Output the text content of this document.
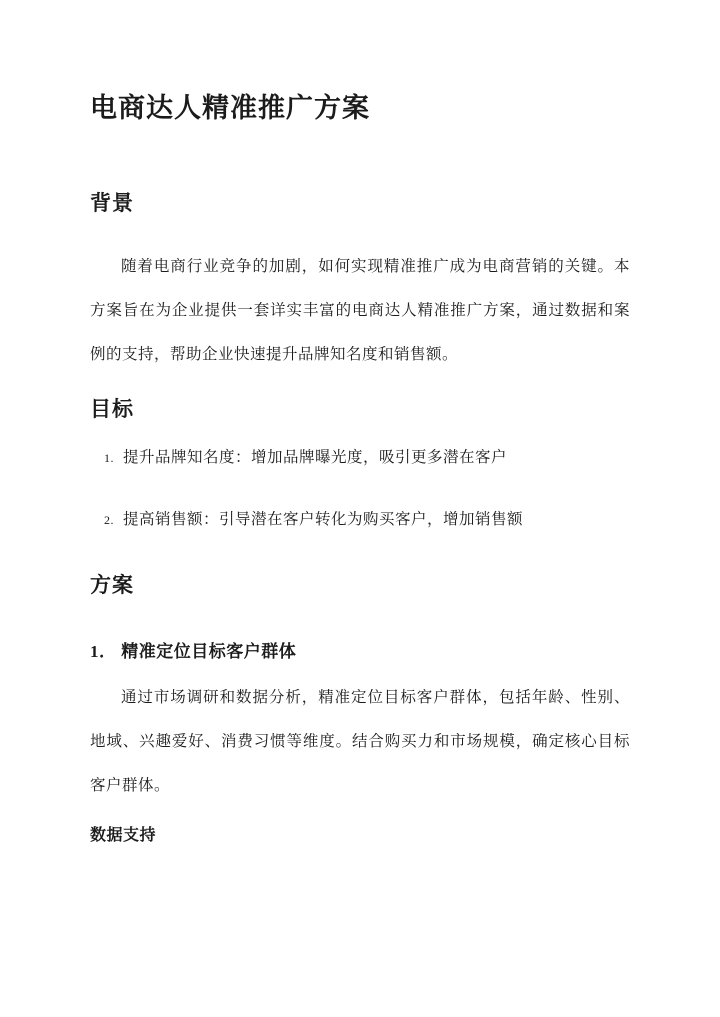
电商达人精准推广方案
背景

随着电商行业竞争的加剧，如何实现精准推广成为电商营销的关键。本方案旨在为企业提供一套详实丰富的电商达人精准推广方案，通过数据和案例的支持，帮助企业快速提升品牌知名度和销售额。

目标
1. 提升品牌知名度：增加品牌曝光度，吸引更多潜在客户
2. 提高销售额：引导潜在客户转化为购买客户，增加销售额
方案
1． 精准定位目标客户群体

通过市场调研和数据分析，精准定位目标客户群体，包括年龄、性别、地域、兴趣爱好、消费习惯等维度。结合购买力和市场规模，确定核心目标客户群体。

数据支持
